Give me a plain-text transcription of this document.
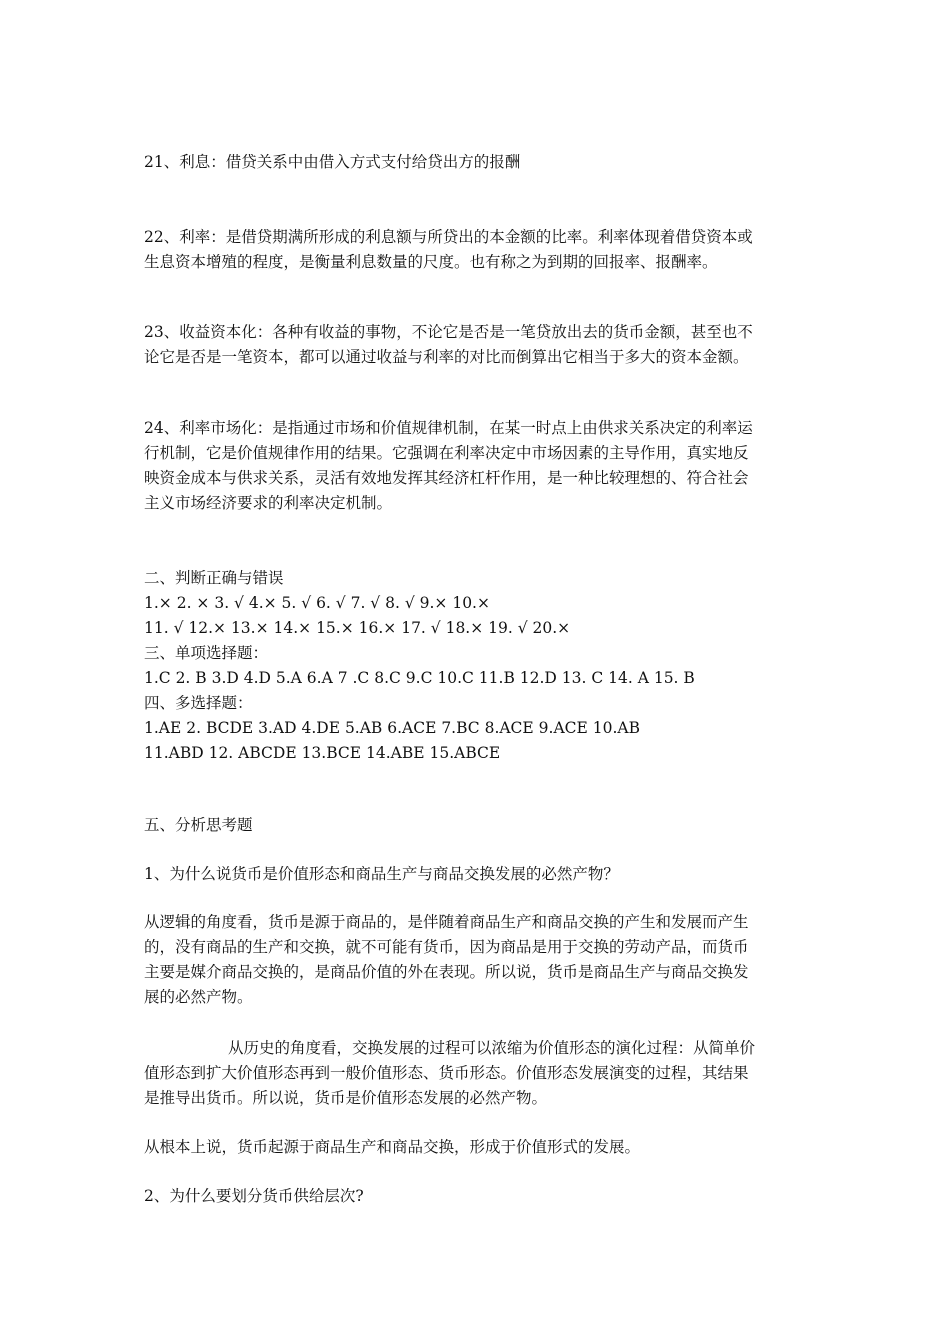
21、利息：借贷关系中由借入方式支付给贷出方的报酬
22、利率：是借贷期满所形成的利息额与所贷出的本金额的比率。利率体现着借贷资本或
生息资本增殖的程度，是衡量利息数量的尺度。也有称之为到期的回报率、报酬率。
23、收益资本化：各种有收益的事物，不论它是否是一笔贷放出去的货币金额，甚至也不
论它是否是一笔资本，都可以通过收益与利率的对比而倒算出它相当于多大的资本金额。
24、利率市场化：是指通过市场和价值规律机制，在某一时点上由供求关系决定的利率运
行机制，它是价值规律作用的结果。它强调在利率决定中市场因素的主导作用，真实地反
映资金成本与供求关系，灵活有效地发挥其经济杠杆作用，是一种比较理想的、符合社会
主义市场经济要求的利率决定机制。
二、判断正确与错误
1.× 2. × 3. √ 4.× 5. √ 6. √ 7. √ 8. √ 9.× 10.×
11. √ 12.× 13.× 14.× 15.× 16.× 17. √ 18.× 19. √ 20.×
三、单项选择题：
1.C 2. B 3.D 4.D 5.A 6.A 7 .C 8.C 9.C 10.C 11.B 12.D 13. C 14. A 15. B
四、多选择题：
1.AE 2. BCDE 3.AD 4.DE 5.AB 6.ACE 7.BC 8.ACE 9.ACE 10.AB
11.ABD 12. ABCDE 13.BCE 14.ABE 15.ABCE
五、分析思考题
1、为什么说货币是价值形态和商品生产与商品交换发展的必然产物？
从逻辑的角度看，货币是源于商品的，是伴随着商品生产和商品交换的产生和发展而产生
的，没有商品的生产和交换，就不可能有货币，因为商品是用于交换的劳动产品，而货币
主要是媒介商品交换的，是商品价值的外在表现。所以说，货币是商品生产与商品交换发
展的必然产物。
从历史的角度看，交换发展的过程可以浓缩为价值形态的演化过程：从简单价
值形态到扩大价值形态再到一般价值形态、货币形态。价值形态发展演变的过程，其结果
是推导出货币。所以说，货币是价值形态发展的必然产物。
从根本上说，货币起源于商品生产和商品交换，形成于价值形式的发展。
2、为什么要划分货币供给层次?
